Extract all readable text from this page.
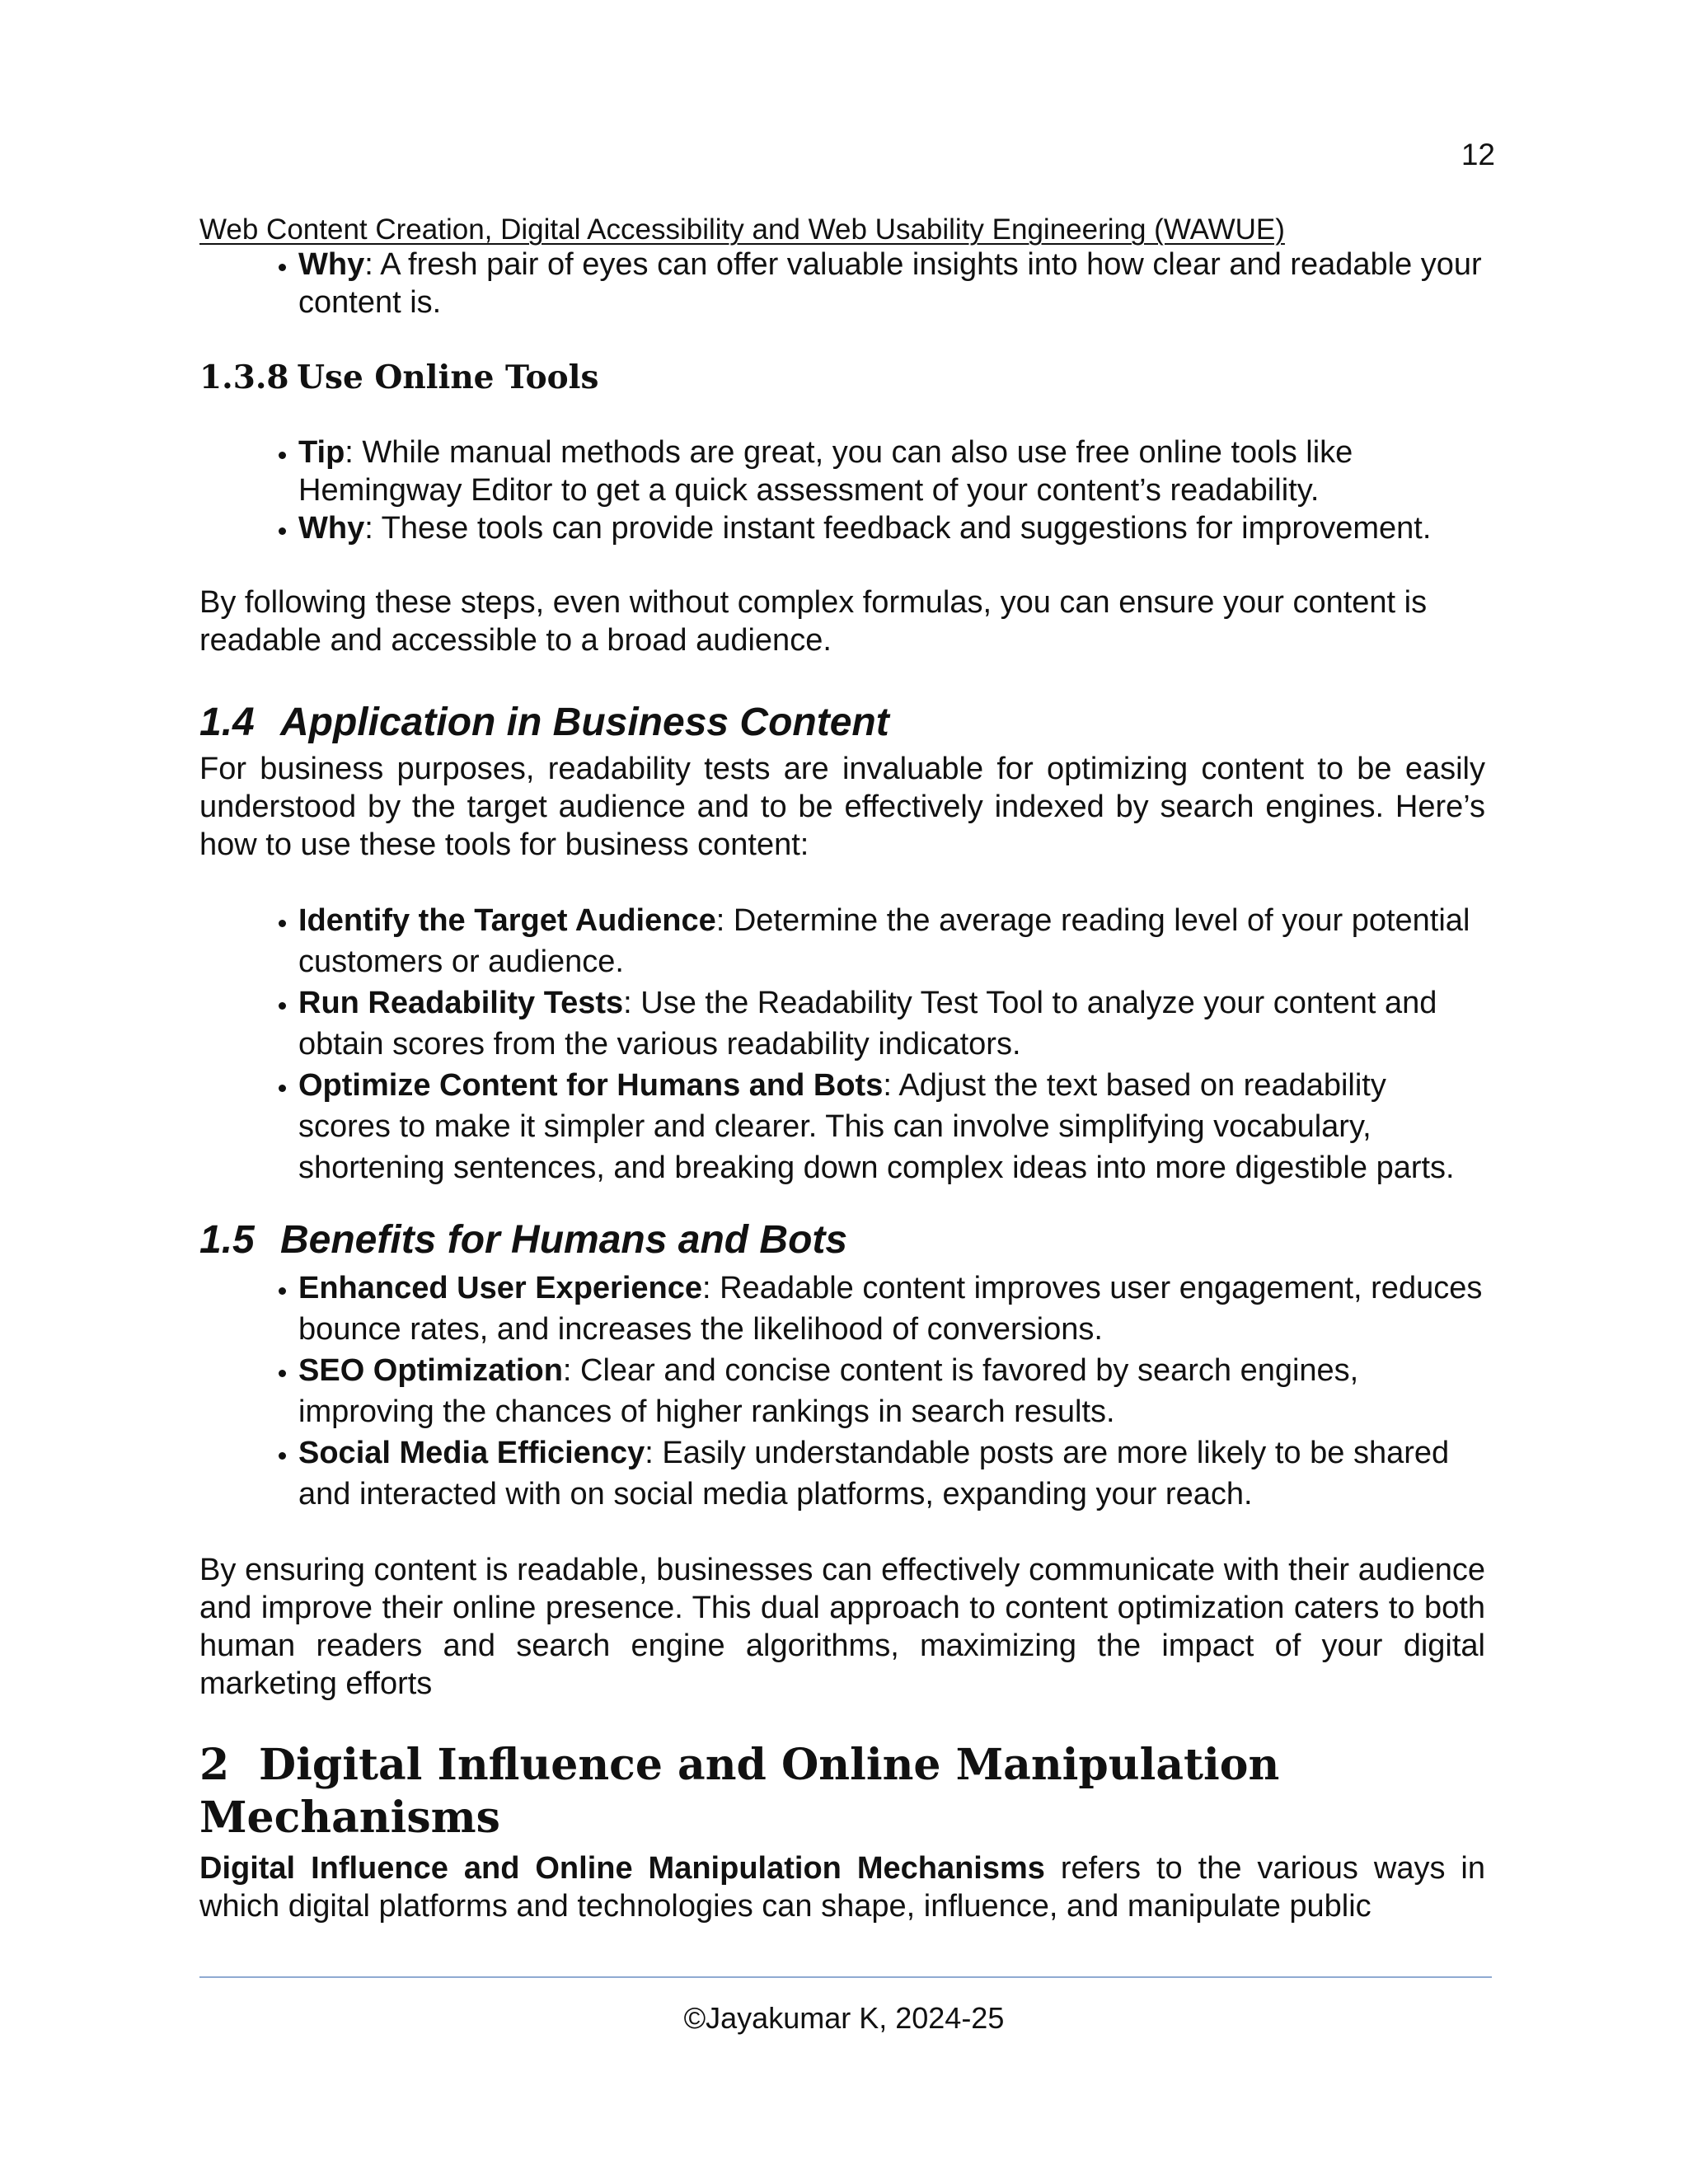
12
Web Content Creation, Digital Accessibility and Web Usability Engineering (WAWUE)
• Why: A fresh pair of eyes can offer valuable insights into how clear and readable your content is.
1.3.8 Use Online Tools
• Tip: While manual methods are great, you can also use free online tools like Hemingway Editor to get a quick assessment of your content’s readability.
• Why: These tools can provide instant feedback and suggestions for improvement.

By following these steps, even without complex formulas, you can ensure your content is readable and accessible to a broad audience.

1.4 Application in Business Content

For business purposes, readability tests are invaluable for optimizing content to be easily understood by the target audience and to be effectively indexed by search engines. Here’s how to use these tools for business content:

• Identify the Target Audience: Determine the average reading level of your potential customers or audience.
• Run Readability Tests: Use the Readability Test Tool to analyze your content and obtain scores from the various readability indicators.
• Optimize Content for Humans and Bots: Adjust the text based on readability scores to make it simpler and clearer. This can involve simplifying vocabulary, shortening sentences, and breaking down complex ideas into more digestible parts.
1.5 Benefits for Humans and Bots
• Enhanced User Experience: Readable content improves user engagement, reduces bounce rates, and increases the likelihood of conversions.
• SEO Optimization: Clear and concise content is favored by search engines, improving the chances of higher rankings in search results.
• Social Media Efficiency: Easily understandable posts are more likely to be shared and interacted with on social media platforms, expanding your reach.

By ensuring content is readable, businesses can effectively communicate with their audience and improve their online presence. This dual approach to content optimization caters to both human readers and search engine algorithms, maximizing the impact of your digital marketing efforts

2 Digital Influence and Online Manipulation Mechanisms

Digital Influence and Online Manipulation Mechanisms refers to the various ways in which digital platforms and technologies can shape, influence, and manipulate public

©Jayakumar K, 2024-25
